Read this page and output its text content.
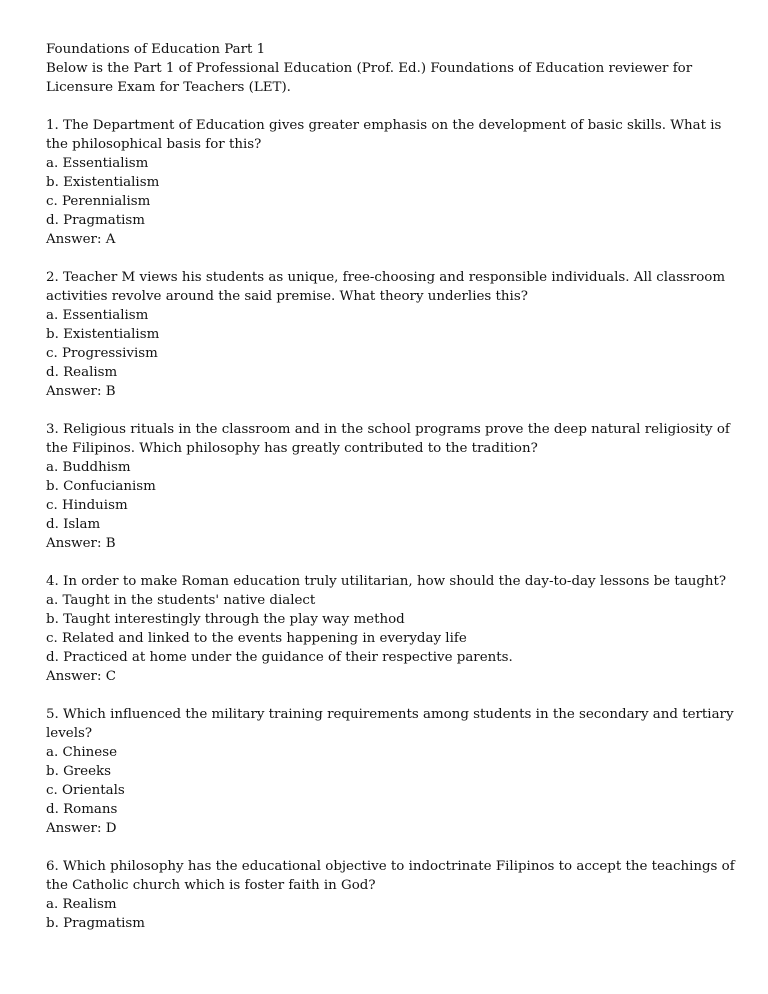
Foundations of Education Part 1

Below is the Part 1 of Professional Education (Prof. Ed.) Foundations of Education reviewer for Licensure Exam for Teachers (LET).

1. The Department of Education gives greater emphasis on the development of basic skills. What is the philosophical basis for this?

a. Essentialism

b. Existentialism

c. Perennialism

d. Pragmatism

Answer: A

2. Teacher M views his students as unique, free-choosing and responsible individuals. All classroom activities revolve around the said premise. What theory underlies this?

a. Essentialism

b. Existentialism

c. Progressivism

d. Realism

Answer: B

3. Religious rituals in the classroom and in the school programs prove the deep natural religiosity of the Filipinos. Which philosophy has greatly contributed to the tradition?

a. Buddhism

b. Confucianism

c. Hinduism

d. Islam

Answer: B

4. In order to make Roman education truly utilitarian, how should the day-to-day lessons be taught?

a. Taught in the students' native dialect

b. Taught interestingly through the play way method

c. Related and linked to the events happening in everyday life

d. Practiced at home under the guidance of their respective parents.

Answer: C

5. Which influenced the military training requirements among students in the secondary and tertiary levels?

a. Chinese

b. Greeks

c. Orientals

d. Romans

Answer: D

6. Which philosophy has the educational objective to indoctrinate Filipinos to accept the teachings of the Catholic church which is foster faith in God?

a. Realism

b. Pragmatism
